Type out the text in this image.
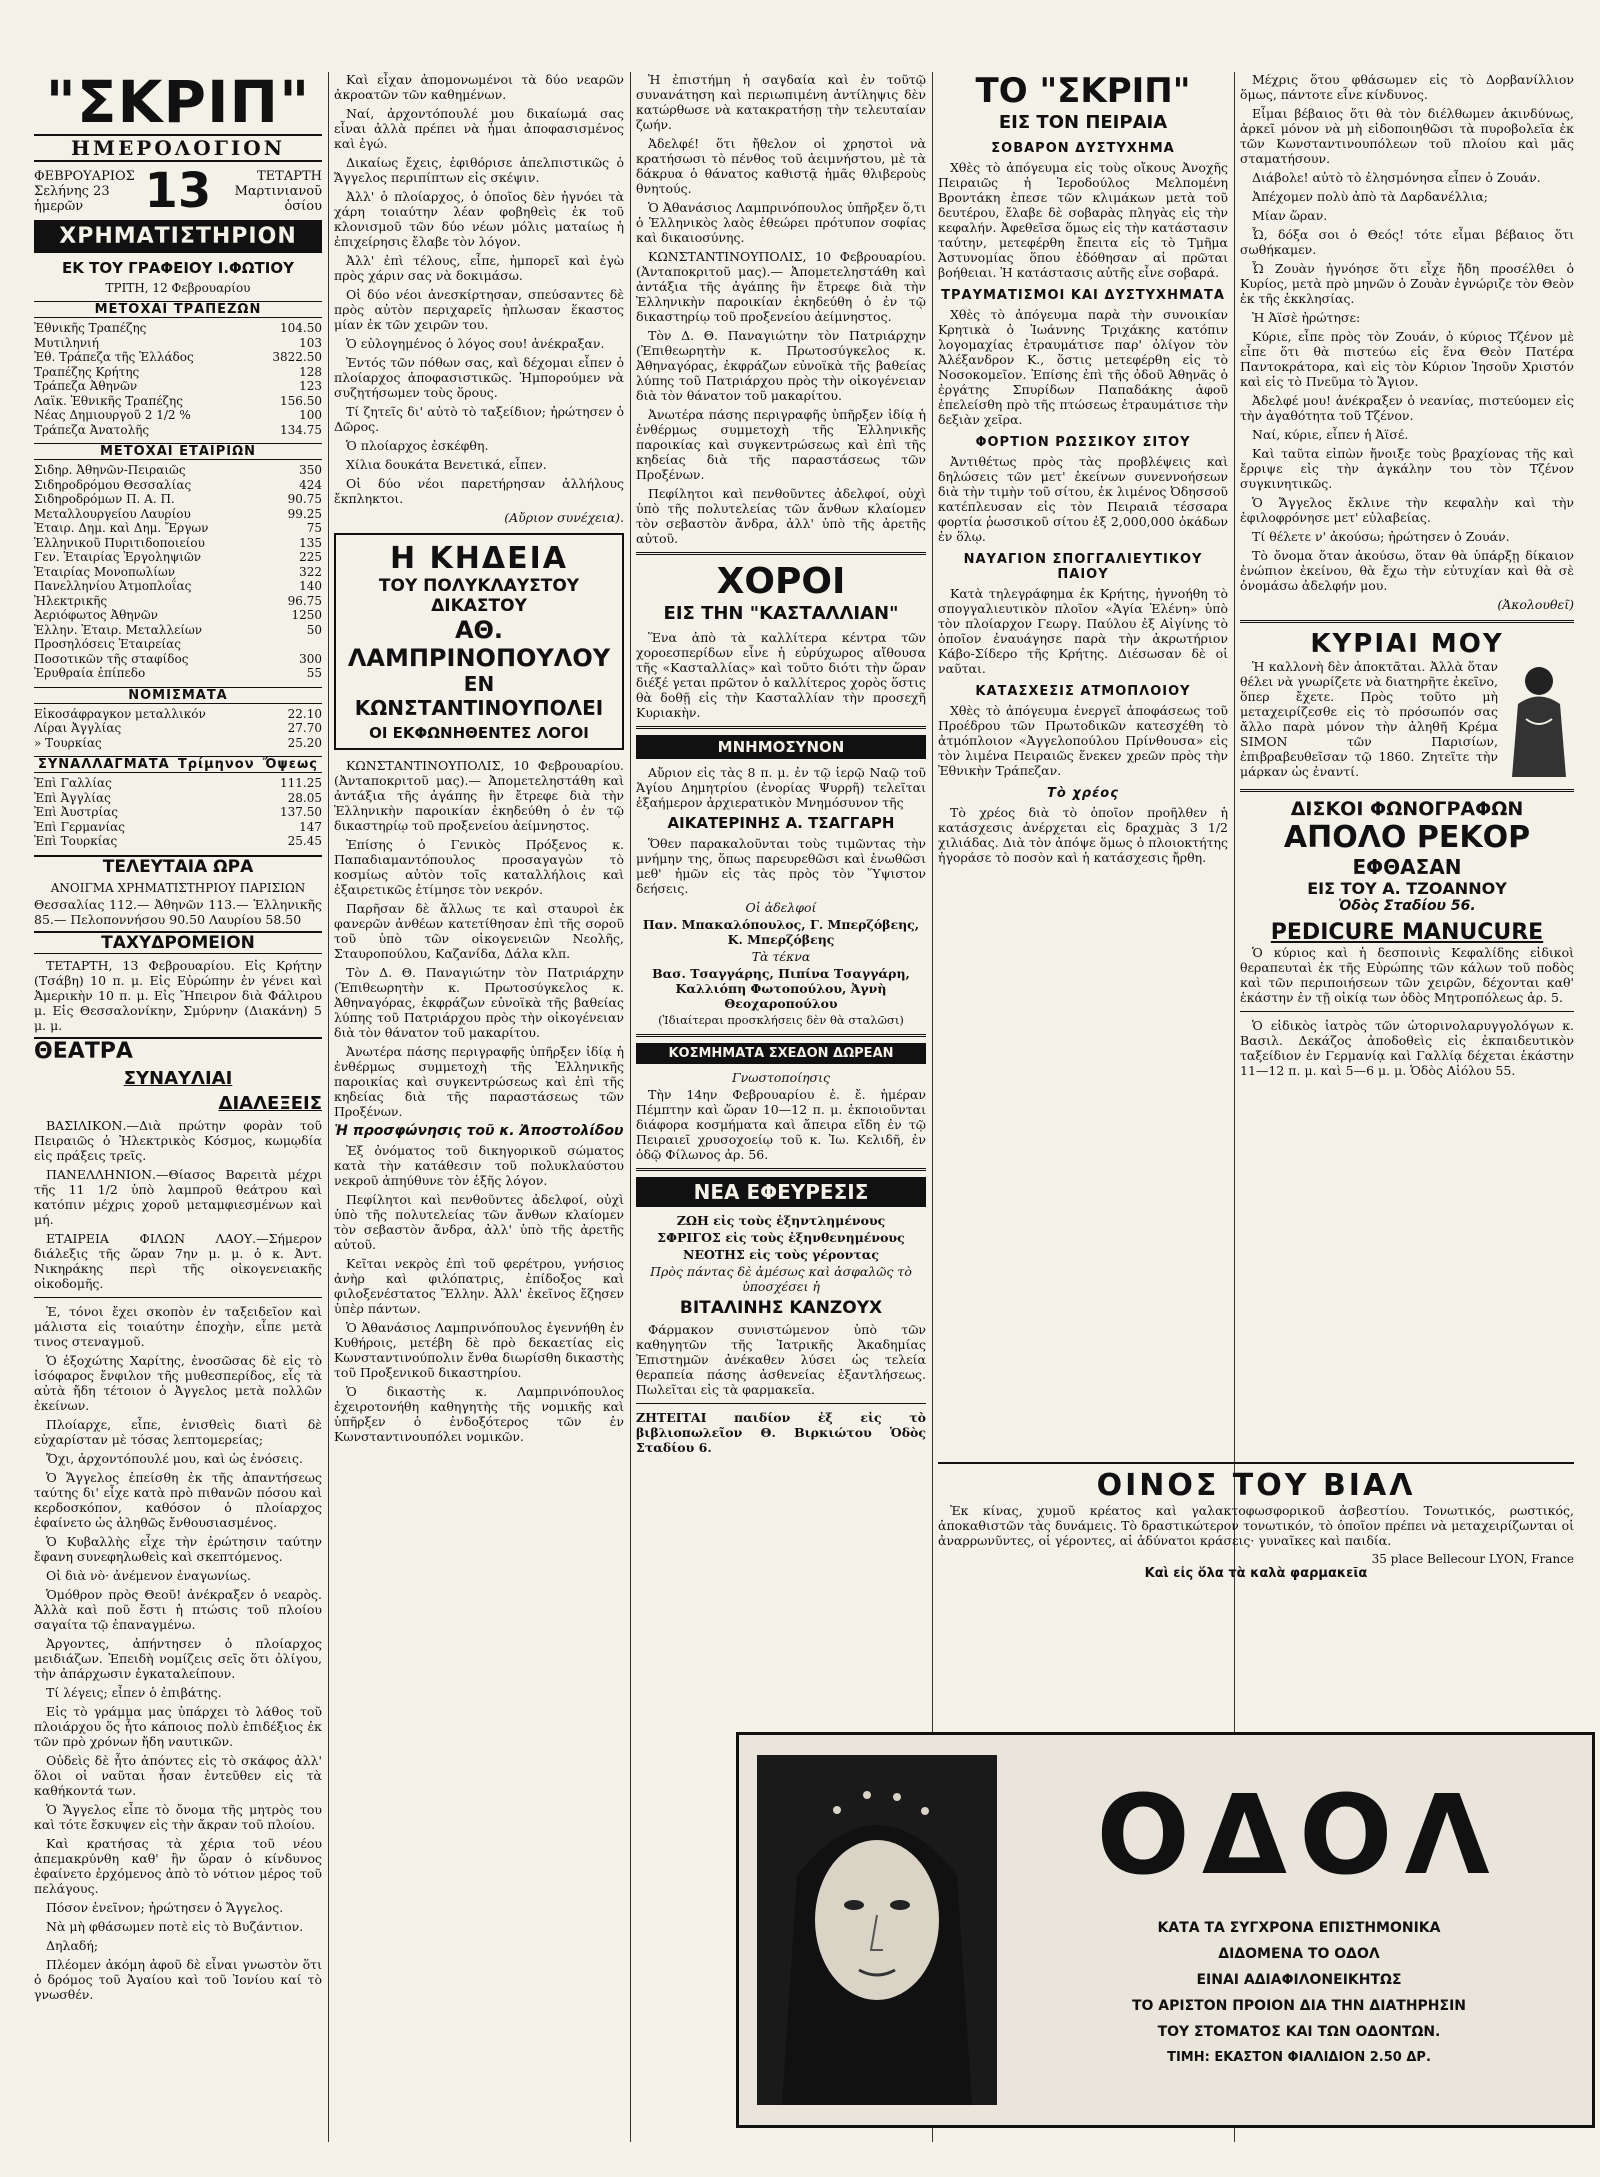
"ΣΚΡΙΠ"
ΗΜΕΡΟΛΟΓΙΟΝ
ΦΕΒΡΟΥΑΡΙΟΣ
Σελήνης 23 ἡμερῶν	13	ΤΕΤΑΡΤΗ
Μαρτινιανοῦ ὁσίου
ΧΡΗΜΑΤΙΣΤΗΡΙΟΝ
ΕΚ ΤΟΥ ΓΡΑΦΕΙΟΥ Ι.ΦΩΤΙΟΥ
ΤΡΙΤΗ, 12 Φεβρουαρίου
ΜΕΤΟΧΑΙ ΤΡΑΠΕΖΩΝ
Ἐθνικῆς Τραπέζης	104.50
Μυτιληνιή	103
Ἐθ. Τράπεζα τῆς Ἑλλάδος	3822.50
Τραπέζης Κρήτης	128
Τράπεζα Ἀθηνῶν	123
Λαϊκ. Ἐθνικῆς Τραπέζης	156.50
Νέας Δημιουργοῦ 2 1/2 %	100
Τράπεζα Ἀνατολῆς	134.75
ΜΕΤΟΧΑΙ ΕΤΑΙΡΙΩΝ
Σιδηρ. Ἀθηνῶν-Πειραιῶς	350
Σιδηροδρόμου Θεσσαλίας	424
Σιδηροδρόμων Π. Α. Π.	90.75
Μεταλλουργείου Λαυρίου	99.25
Ἐταιρ. Δημ. καὶ Δημ. Ἔργων	75
Ἑλληνικοῦ Πυριτιδοποιείου	135
Γεν. Ἑταιρίας Ἐργοληψιῶν	225
Ἑταιρίας Μονοπωλίων	322
Πανελληνίου Ἀτμοπλοΐας	140
Ἠλεκτρικῆς	96.75
Ἀεριόφωτος Ἀθηνῶν	1250
Ἑλλην. Ἑταιρ. Μεταλλείων	50
Προσηλόσεις Ἑταιρείας	
Ποσοτικῶν τῆς σταφίδος	300
Ἐρυθραία ἐπίπεδο	55
ΝΟΜΙΣΜΑΤΑ
Εἰκοσάφραγκον μεταλλικόν	22.10
Λίραι Ἀγγλίας	27.70
» Τουρκίας	25.20
ΣΥΝΑΛΛΑΓΜΑΤΑ Τρίμηνον Ὄψεως
Ἐπὶ Γαλλίας	111.25
Ἐπὶ Ἀγγλίας	28.05
Ἐπὶ Ἀυστρίας	137.50
Ἐπὶ Γερμανίας	147
Ἐπὶ Τουρκίας	25.45
ΤΕΛΕΥΤΑΙΑ ΩΡΑ
ΑΝΟΙΓΜΑ ΧΡΗΜΑΤΙΣΤΗΡΙΟΥ ΠΑΡΙΣΙΩΝ

Θεσσαλίας 112.— Ἀθηνῶν 113.— Ἑλληνικῆς 85.— Πελοποννήσου 90.50 Λαυρίου 58.50

ΤΑΧΥΔΡΟΜΕΙΟΝ

ΤΕΤΑΡΤΗ, 13 Φεβρουαρίου. Εἰς Κρήτην (Τσάβη) 10 π. μ. Εἰς Εὐρώπην ἐν γένει καὶ Ἀμερικὴν 10 π. μ. Εἰς Ἤπειρον διὰ Φάλιρου μ. Εἰς Θεσσαλονίκην, Σμύρνην (Διακάνη) 5 μ. μ.

ΘΕΑΤΡΑ
ΣΥΝΑΥΛΙΑΙ
ΔΙΑΛΕΞΕΙΣ

ΒΑΣΙΛΙΚΟΝ.—Διὰ πρώτην φορὰν τοῦ Πειραιῶς ὁ Ἠλεκτρικὸς Κόσμος, κωμῳδία εἰς πράξεις τρεῖς.

ΠΑΝΕΛΛΗΝΙΟΝ.—Θίασος Βαρειτὰ μέχρι τῆς 11 1/2 ὑπὸ λαμπροῦ θεάτρου καὶ κατόπιν μέχρις χοροῦ μεταμφιεσμένων καὶ μή.

ΕΤΑΙΡΕΙΑ ΦΙΛΩΝ ΛΑΟΥ.—Σήμερον διάλεξις τῆς ὥραν 7ην μ. μ. ὁ κ. Ἀντ. Νικηράκης περὶ τῆς οἰκογενειακῆς οἰκοδομῆς.

Ἐ, τόνοι ἔχει σκοπὸν ἐν ταξειδεῖον καὶ μάλιστα εἰς τοιαύτην ἐποχὴν, εἶπε μετὰ τινος στεναγμοῦ.

Ὁ ἐξοχώτης Χαρίτης, ἐνοσῶσας δὲ εἰς τὸ ἰσόφαρος ἔνφιλον τῆς μυθεσπερίδος, εἷς τὰ αὐτὰ ἤδη τέτοιον ὁ Ἀγγελος μετὰ πολλῶν ἐκείνων.

Πλοίαρχε, εἶπε, ἐνισθεὶς διατὶ δὲ εὐχαρίσταν μὲ τόσας λεπτομερείας;

Ὄχι, ἀρχοντόπουλέ μου, καὶ ὡς ἐνόσεις.

Ὁ Ἄγγελος ἐπείσθη ἐκ τῆς ἀπαντήσεως ταύτης δι' εἶχε κατὰ πρὸ πιθανῶν πόσου καὶ κερδοσκόπον, καθόσον ὁ πλοίαρχος ἐφαίνετο ὡς ἀληθῶς ἔνθουσιασμένος.

Ὁ Κυβαλλὴς εἶχε τὴν ἐρώτησιν ταύτην ἔφανη συνεφηλωθεὶς καὶ σκεπτόμενος.

Οἰ διὰ νὸ· ἀνέμενον ἐναγωνίως.

Ὁμόθρον πρὸς Θεοῦ! ἀνέκραξεν ὁ νεαρὸς. Ἀλλὰ καὶ ποῦ ἔστι ἡ πτώσις τοῦ πλοίου σαγαίτα τῷ ἐπαναγμένω.

Ἀργοντες, ἀπήντησεν ὁ πλοίαρχος μειδιάζων. Ἐπειδὴ νομίζεις σεῖς ὅτι ὀλίγου, τὴν ἀπάρχωσιν ἐγκαταλείπουν.

Τί λέγεις; εἶπεν ὁ ἐπιβάτης.

Εἰς τὸ γράμμα μας ὑπάρχει τὸ λάθος τοῦ πλοιάρχου ὅς ἦτο κάποιος πολὺ ἐπιδέξιος ἐκ τῶν πρὸ χρόνων ἤδη ναυτικῶν.

Οὐδεὶς δὲ ἦτο ἀπόντες εἰς τὸ σκάφος ἀλλ' ὅλοι οἱ ναῦται ἦσαν ἐντεῦθεν εἰς τὰ καθήκοντά των.

Ὁ Ἄγγελος εἶπε τὸ ὄνομα τῆς μητρὸς του καὶ τότε ἔσκυψεν εἰς τὴν ἄκραν τοῦ πλοίου.

Καὶ κρατήσας τὰ χέρια τοῦ νέου ἀπεμακρύνθη καθ' ἣν ὥραν ὁ κίνδυνος ἐφαίνετο ἐρχόμενος ἀπὸ τὸ νότιον μέρος τοῦ πελάγους.

Πόσον ἐνεῖνον; ἠρώτησεν ὁ Ἄγγελος.

Νὰ μὴ φθάσωμεν ποτὲ εἰς τὸ Βυζάντιον.

Δηλαδή;

Πλέομεν ἀκόμη ἀφοῦ δὲ εἶναι γνωστὸν ὅτι ὁ δρόμος τοῦ Ἀγαίου καὶ τοῦ Ἰονίου καί τὸ γνωσθέν.

Καὶ εἶχαν ἀπομονωμένοι τὰ δύο νεαρῶν ἀκροατῶν τῶν καθημένων.

Ναί, ἀρχοντόπουλέ μου δικαίωμά σας εἶναι ἀλλὰ πρέπει νὰ ἦμαι ἀποφασισμένος καὶ ἐγώ.

Δικαίως ἔχεις, ἐφιθόρισε ἀπελπιστικῶς ὁ Ἄγγελος περιπίπτων εἰς σκέψιν.

Ἀλλ' ὁ πλοίαρχος, ὁ ὁποῖος δὲν ἠγνόει τὰ χάρη τοιαύτην λέαν φοβηθεὶς ἐκ τοῦ κλονισμοῦ τῶν δύο νέων μόλις ματαίως ἡ ἐπιχείρησις ἔλαβε τὸν λόγον.

Ἀλλ' ἐπὶ τέλους, εἶπε, ἠμπορεῖ καὶ ἐγὼ πρὸς χάριν σας νὰ δοκιμάσω.

Οἱ δύο νέοι ἀνεσκίρτησαν, σπεύσαντες δὲ πρὸς αὐτὸν περιχαρεῖς ἠπλωσαν ἕκαστος μίαν ἐκ τῶν χειρῶν του.

Ὁ εὐλογημένος ὁ λόγος σου! ἀνέκραξαν.

Ἐντός τῶν πόθων σας, καὶ δέχομαι εἶπεν ὁ πλοίαρχος ἀποφασιστικῶς. Ἠμπορούμεν νὰ συζητήσωμεν τοὺς ὅρους.

Τί ζητεῖς δι' αὐτὸ τὸ ταξείδιον; ἠρώτησεν ὁ Δῶρος.

Ὁ πλοίαρχος ἐσκέφθη.

Χίλια δουκάτα Βενετικά, εἶπεν.

Οἱ δύο νέοι παρετήρησαν ἀλλήλους ἔκπληκτοι.

(Αὔριον συνέχεια).
Η ΚΗΔΕΙΑ
ΤΟΥ ΠΟΛΥΚΛΑΥΣΤΟΥ ΔΙΚΑΣΤΟΥ
ΑΘ. ΛΑΜΠΡΙΝΟΠΟΥΛΟΥ
ΕΝ ΚΩΝΣΤΑΝΤΙΝΟΥΠΟΛΕΙ
ΟΙ ΕΚΦΩΝΗΘΕΝΤΕΣ ΛΟΓΟΙ

ΚΩΝΣΤΑΝΤΙΝΟΥΠΟΛΙΣ, 10 Φεβρουαρίου. (Ἀνταποκριτοῦ μας).— Ἀπομετεληστάθη καὶ ἀντάξια τῆς ἀγάπης ἣν ἔτρεφε διὰ τὴν Ἑλληνικὴν παροικίαν ἐκηδεύθη ὁ ἐν τῷ δικαστηρίῳ τοῦ προξενείου ἀείμνηστος.

Ἐπίσης ὁ Γενικὸς Πρόξενος κ. Παπαδιαμαντόπουλος προσαγαγὼν τὸ κοσμίως αὐτὸν τοῖς καταλλήλοις καὶ ἐξαιρετικῶς ἐτίμησε τὸν νεκρόν.

Παρῆσαν δὲ ἄλλως τε καὶ σταυροὶ ἐκ φανερῶν ἀνθέων κατετίθησαν ἐπὶ τῆς σοροῦ τοῦ ὑπὸ τῶν οἰκογενειῶν Νεολῆς, Σταυροπούλου, Καζανίδα, Δάλα κλπ.

Τὸν Δ. Θ. Παναγιώτην τὸν Πατριάρχην (Ἐπιθεωρητὴν κ. Πρωτοσύγκελος κ. Ἀθηναγόρας, ἐκφράζων εὐνοϊκὰ τῆς βαθείας λύπης τοῦ Πατριάρχου πρὸς τὴν οἰκογένειαν διὰ τὸν θάνατον τοῦ μακαρίτου.

Ἀνωτέρα πάσης περιγραφῆς ὑπῆρξεν ἰδίᾳ ἡ ἐνθέρμως συμμετοχὴ τῆς Ἑλληνικῆς παροικίας καὶ συγκεντρώσεως καὶ ἐπὶ τῆς κηδείας διὰ τῆς παραστάσεως τῶν Προξένων.

Ἡ προσφώνησις τοῦ κ. Ἀποστολίδου

Ἐξ ὀνόματος τοῦ δικηγορικοῦ σώματος κατὰ τὴν κατάθεσιν τοῦ πολυκλαύστου νεκροῦ ἀπηύθυνε τὸν ἑξῆς λόγον.

Πεφίλητοι καὶ πενθοῦντες ἀδελφοί, οὐχὶ ὑπὸ τῆς πολυτελείας τῶν ἄνθων κλαίομεν τὸν σεβαστὸν ἄνδρα, ἀλλ' ὑπὸ τῆς ἀρετῆς αὐτοῦ.

Κεῖται νεκρὸς ἐπὶ τοῦ φερέτρου, γνήσιος ἀνὴρ καὶ φιλόπατρις, ἐπίδοξος καὶ φιλοξενέστατος Ἕλλην. Ἀλλ' ἐκεῖνος ἔζησεν ὑπὲρ πάντων.

Ὁ Ἀθανάσιος Λαμπρινόπουλος ἐγεννήθη ἐν Κυθήροις, μετέβη δὲ πρὸ δεκαετίας εἰς Κωνσταντινούπολιν ἔνθα διωρίσθη δικαστὴς τοῦ Προξενικοῦ δικαστηρίου.

Ὁ δικαστὴς κ. Λαμπρινόπουλος ἐχειροτονήθη καθηγητὴς τῆς νομικῆς καὶ ὑπῆρξεν ὁ ἐνδοξότερος τῶν ἐν Κωνσταντινουπόλει νομικῶν.

Ἡ ἐπιστήμη ἡ σαγδαία καὶ ἐν τοῦτῷ συνανάτηση καὶ περιωπιμένη ἀντίληψις δὲν κατώρθωσε νὰ κατακρατήσῃ τὴν τελευταίαν ζωήν.

Ἀδελφέ! ὅτι ἤθελον οἱ χρηστοὶ νὰ κρατήσωσι τὸ πένθος τοῦ ἀειμνήστου, μὲ τὰ δάκρυα ὁ θάνατος καθιστᾷ ἡμᾶς θλιβεροὺς θνητούς.

Ὁ Ἀθανάσιος Λαμπρινόπουλος ὑπῆρξεν ὅ,τι ὁ Ἑλληνικὸς λαὸς ἐθεώρει πρότυπον σοφίας καὶ δικαιοσύνης.

ΚΩΝΣΤΑΝΤΙΝΟΥΠΟΛΙΣ, 10 Φεβρουαρίου. (Ἀνταποκριτοῦ μας).— Ἀπομετεληστάθη καὶ ἀντάξια τῆς ἀγάπης ἣν ἔτρεφε διὰ τὴν Ἑλληνικὴν παροικίαν ἐκηδεύθη ὁ ἐν τῷ δικαστηρίῳ τοῦ προξενείου ἀείμνηστος.

Τὸν Δ. Θ. Παναγιώτην τὸν Πατριάρχην (Ἐπιθεωρητὴν κ. Πρωτοσύγκελος κ. Ἀθηναγόρας, ἐκφράζων εὐνοϊκὰ τῆς βαθείας λύπης τοῦ Πατριάρχου πρὸς τὴν οἰκογένειαν διὰ τὸν θάνατον τοῦ μακαρίτου.

Ἀνωτέρα πάσης περιγραφῆς ὑπῆρξεν ἰδίᾳ ἡ ἐνθέρμως συμμετοχὴ τῆς Ἑλληνικῆς παροικίας καὶ συγκεντρώσεως καὶ ἐπὶ τῆς κηδείας διὰ τῆς παραστάσεως τῶν Προξένων.

Πεφίλητοι καὶ πενθοῦντες ἀδελφοί, οὐχὶ ὑπὸ τῆς πολυτελείας τῶν ἄνθων κλαίομεν τὸν σεβαστὸν ἄνδρα, ἀλλ' ὑπὸ τῆς ἀρετῆς αὐτοῦ.

ΧΟΡΟΙ
ΕΙΣ ΤΗΝ "ΚΑΣΤΑΛΛΙΑΝ"

Ἕνα ἀπὸ τὰ καλλίτερα κέντρα τῶν χοροεσπερίδων εἶνε ἡ εὐρύχωρος αἴθουσα τῆς «Κασταλλίας» καὶ τοῦτο διότι τὴν ὥραν διέξέ γεται πρῶτον ὁ καλλίτερος χορὸς ὅστις θὰ δοθῇ εἰς τὴν Κασταλλίαν τὴν προσεχῆ Κυριακὴν.

ΜΝΗΜΟΣΥΝΟΝ

Αὔριον εἰς τὰς 8 π. μ. ἐν τῷ ἱερῷ Ναῷ τοῦ Ἁγίου Δημητρίου (ἐνορίας Ψυρρῆ) τελεῖται ἐξαήμερον ἀρχιερατικὸν Μνημόσυνον τῆς

ΑΙΚΑΤΕΡΙΝΗΣ Α. ΤΣΑΓΓΑΡΗ

Ὅθεν παρακαλοῦνται τοὺς τιμῶντας τὴν μνήμην της, ὅπως παρευρεθῶσι καὶ ἑνωθῶσι μεθ' ἡμῶν εἰς τὰς πρὸς τὸν Ὕψιστον δεήσεις.

Οἱ ἀδελφοί
Παν. Μπακαλόπουλος, Γ. Μπερζόβεης, Κ. Μπερζόβεης
Τὰ τέκνα
Βασ. Τσαγγάρης, Πιπίνα Τσαγγάρη, Καλλιόπη Φωτοπούλου, Ἀγνὴ Θεοχαροπούλου
(Ἰδιαίτεραι προσκλήσεις δὲν θὰ σταλῶσι)
ΚΟΣΜΗΜΑΤΑ ΣΧΕΔΟΝ ΔΩΡΕΑΝ
Γνωστοποίησις

Τὴν 14ην Φεβρουαρίου ἐ. ἔ. ἡμέραν Πέμπτην καὶ ὥραν 10—12 π. μ. ἐκποιοῦνται διάφορα κοσμήματα καὶ ἄπειρα εἴδη ἐν τῷ Πειραιεῖ χρυσοχοείῳ τοῦ κ. Ἰω. Κελιδῆ, ἐν ὁδῷ Φίλωνος ἀρ. 56.

ΝΕΑ ΕΦΕΥΡΕΣΙΣ
ΖΩΗ εἰς τοὺς ἐξηντλημένους
ΣΦΡΙΓΟΣ εἰς τοὺς ἐξηνθενημένους
ΝΕΟΤΗΣ εἰς τοὺς γέροντας
Πρὸς πάντας δὲ ἀμέσως καὶ ἀσφαλῶς τὸ ὑποσχέσει ἡ
ΒΙΤΑΛΙΝΗΣ ΚΑΝΖΟΥΧ

Φάρμακον συνιστώμενον ὑπὸ τῶν καθηγητῶν τῆς Ἰατρικῆς Ἀκαδημίας Ἐπιστημῶν ἀνέκαθεν λύσει ὡς τελεία θεραπεία πάσης ἀσθενείας ἐξαντλήσεως. Πωλεῖται εἰς τὰ φαρμακεῖα.

ΖΗΤΕΙΤΑΙ παιδίον ἐξ εἰς τὸ βιβλιοπωλεῖον Θ. Βιρκιώτου Ὁδὸς Σταδίου 6.

ΤΟ "ΣΚΡΙΠ"
ΕΙΣ ΤΟΝ ΠΕΙΡΑΙΑ
ΣΟΒΑΡΟΝ ΔΥΣΤΥΧΗΜΑ

Χθὲς τὸ ἀπόγευμα εἰς τοὺς οἴκους Ἀνοχῆς Πειραιῶς ἡ Ἱεροδούλος Μελπομένη Βροντάκη ἐπεσε τῶν κλιμάκων μετὰ τοῦ δευτέρου, ἔλαβε δὲ σοβαρὰς πληγὰς εἰς τὴν κεφαλήν. Ἀφεθεῖσα ὅμως εἰς τὴν κατάστασιν ταύτην, μετεφέρθη ἔπειτα εἰς τὸ Τμῆμα Ἀστυνομίας ὅπου ἐδόθησαν αἱ πρῶται βοήθειαι. Ἡ κατάστασις αὐτῆς εἶνε σοβαρά.

ΤΡΑΥΜΑΤΙΣΜΟΙ ΚΑΙ ΔΥΣΤΥΧΗΜΑΤΑ

Χθὲς τὸ ἀπόγευμα παρὰ τὴν συνοικίαν Κρητικὰ ὁ Ἰωάννης Τριχάκης κατόπιν λογομαχίας ἐτραυμάτισε παρ' ὀλίγον τὸν Ἀλέξανδρον Κ., ὅστις μετεφέρθη εἰς τὸ Νοσοκομεῖον. Ἐπίσης ἐπὶ τῆς ὁδοῦ Ἀθηνᾶς ὁ ἐργάτης Σπυρίδων Παπαδάκης ἀφοῦ ἐπελείσθη πρὸ τῆς πτώσεως ἐτραυμάτισε τὴν δεξιὰν χεῖρα.

ΦΟΡΤΙΟΝ ΡΩΣΣΙΚΟΥ ΣΙΤΟΥ

Ἀντιθέτως πρὸς τὰς προβλέψεις καὶ δηλώσεις τῶν μετ' ἐκείνων συνεννοήσεων διὰ τὴν τιμὴν τοῦ σίτου, ἐκ λιμένος Ὀδησσοῦ κατέπλευσαν εἰς τὸν Πειραιᾶ τέσσαρα φορτία ῥωσσικοῦ σίτου ἐξ 2,000,000 ὀκάδων ἐν ὅλῳ.

ΝΑΥΑΓΙΟΝ ΣΠΟΓΓΑΛΙΕΥΤΙΚΟΥ ΠΑΙΟΥ

Κατὰ τηλεγράφημα ἐκ Κρήτης, ἠγνοήθη τὸ σπογγαλιευτικὸν πλοῖον «Ἁγία Ἑλένη» ὑπὸ τὸν πλοίαρχον Γεωργ. Παύλου ἐξ Αἰγίνης τὸ ὁποῖον ἐναυάγησε παρὰ τὴν ἀκρωτήριον Κάβο-Σίδερο τῆς Κρήτης. Διέσωσαν δὲ οἱ ναῦται.

ΚΑΤΑΣΧΕΣΙΣ ΑΤΜΟΠΛΟΙΟΥ

Χθὲς τὸ ἀπόγευμα ἐνεργεῖ ἀποφάσεως τοῦ Προέδρου τῶν Πρωτοδικῶν κατεσχέθη τὸ ἀτμόπλοιον «Ἀγγελοπούλου Πρίνθουσα» εἰς τὸν λιμένα Πειραιῶς ἕνεκεν χρεῶν πρὸς τὴν Ἐθνικὴν Τράπεζαν.

Τὸ χρέος

Τὸ χρέος διὰ τὸ ὁποῖον προῆλθεν ἡ κατάσχεσις ἀνέρχεται εἰς δραχμὰς 3 1/2 χιλιάδας. Διὰ τὸν ἀπόψε ὅμως ὁ πλοιοκτήτης ἠγοράσε τὸ ποσὸν καὶ ἡ κατάσχεσις ἤρθη.

Μέχρις ὅτου φθάσωμεν εἰς τὸ Δορβανίλλιον ὅμως, πάντοτε εἶνε κίνδυνος.

Εἶμαι βέβαιος ὅτι θὰ τὸν διέλθωμεν ἀκινδύνως, ἀρκεῖ μόνον νὰ μὴ εἰδοποιηθῶσι τὰ πυροβολεῖα ἐκ τῶν Κωνσταντινουπόλεων τοῦ πλοίου καὶ μᾶς σταματήσουν.

Διάβολε! αὐτὸ τὸ ἐλησμόνησα εἶπεν ὁ Ζουάν.

Ἀπέχομεν πολὺ ἀπὸ τὰ Δαρδανέλλια;

Μίαν ὥραν.

Ὦ, δόξα σοι ὁ Θεός! τότε εἶμαι βέβαιος ὅτι σωθήκαμεν.

Ὦ Ζουὰν ἠγνόησε ὅτι εἶχε ἤδη προσέλθει ὁ Κυρίος, μετὰ πρὸ μηνῶν ὁ Ζουὰν ἐγνώριζε τὸν Θεὸν ἐκ τῆς ἐκκλησίας.

Ἡ Ἀϊσὲ ἠρώτησε:

Κύριε, εἶπε πρὸς τὸν Ζουάν, ὁ κύριος Τζένον μὲ εἶπε ὅτι θὰ πιστεύω εἰς ἕνα Θεὸν Πατέρα Παντοκράτορα, καὶ εἰς τὸν Κύριον Ἰησοῦν Χριστόν καὶ εἰς τὸ Πνεῦμα τὸ Ἅγιον.

Ἀδελφέ μου! ἀνέκραξεν ὁ νεανίας, πιστεύομεν εἰς τὴν ἀγαθότητα τοῦ Τζένον.

Ναί, κύριε, εἶπεν ἡ Ἀϊσέ.

Καὶ ταῦτα εἰπὼν ἤνοιξε τοὺς βραχίονας τῆς καὶ ἔρριψε εἰς τὴν ἀγκάλην του τὸν Τζένον συγκινητικῶς.

Ὁ Ἄγγελος ἔκλινε τὴν κεφαλὴν καὶ τὴν ἐφιλοφρόνησε μετ' εὐλαβείας.

Τί θέλετε ν' ἀκούσω; ἠρώτησεν ὁ Ζουάν.

Τὸ ὄνομα ὅταν ἀκούσω, ὅταν θὰ ὑπάρξῃ δίκαιον ἐνώπιον ἐκείνου, θὰ ἔχω τὴν εὐτυχίαν καὶ θὰ σὲ ὀνομάσω ἀδελφήν μου.

(Ἀκολουθεῖ)
ΚΥΡΙΑΙ ΜΟΥ

Ἡ καλλονὴ δὲν ἀποκτᾶται. Ἀλλὰ ὅταν θέλει νὰ γνωρίζετε νὰ διατηρῆτε ἐκεῖνο, ὅπερ ἔχετε. Πρὸς τοῦτο μὴ μεταχειρίζεσθε εἰς τὸ πρόσωπόν σας ἄλλο παρὰ μόνον τὴν ἀληθῆ Κρέμα SIMON τῶν Παρισίων, ἐπιβραβευθεῖσαν τῷ 1860. Ζητεῖτε τὴν μάρκαν ὡς ἐναντί.

ΔΙΣΚΟΙ ΦΩΝΟΓΡΑΦΩΝ
ΑΠΟΛΟ ΡΕΚΟΡ
ΕΦΘΑΣΑΝ
ΕΙΣ ΤΟΥ Α. ΤΖΟΑΝΝΟΥ
Ὁδὸς Σταδίου 56.
PEDICURE MANUCURE

Ὁ κύριος καὶ ἡ δεσποινὶς Κεφαλίδης εἰδικοὶ θεραπευταὶ ἐκ τῆς Εὐρώπης τῶν κάλων τοῦ ποδὸς καὶ τῶν περιποιήσεων τῶν χειρῶν, δέχονται καθ' ἑκάστην ἐν τῇ οἰκίᾳ των ὁδὸς Μητροπόλεως ἀρ. 5.

Ὁ εἰδικὸς ἰατρὸς τῶν ὠτορινολαρυγγολόγων κ. Βασιλ. Δεκάζος ἀποδοθεὶς εἰς ἐκπαιδευτικὸν ταξείδιον ἐν Γερμανίᾳ καὶ Γαλλίᾳ δέχεται ἑκάστην 11—12 π. μ. καὶ 5—6 μ. μ. Ὁδὸς Αἰόλου 55.

ΟΙΝΟΣ ΤΟΥ ΒΙΑΛ

Ἐκ κίνας, χυμοῦ κρέατος καὶ γαλακτοφωσφορικοῦ ἀσβεστίου. Τονωτικός, ρωστικός, ἀποκαθιστῶν τὰς δυνάμεις. Τὸ δραστικώτερον τονωτικόν, τὸ ὁποῖον πρέπει νὰ μεταχειρίζωνται οἱ ἀναρρωνῦντες, οἱ γέροντες, αἱ ἀδύνατοι κράσεις· γυναῖκες καὶ παιδία.

35 place Bellecour LYON, France
Καὶ εἰς ὅλα τὰ καλὰ φαρμακεῖα
ΟΔΟΛ
ΚΑΤΑ ΤΑ ΣΥΓΧΡΟΝΑ ΕΠΙΣΤΗΜΟΝΙΚΑ
ΔΙΔΟΜΕΝΑ ΤΟ ΟΔΟΛ
ΕΙΝΑΙ ΑΔΙΑΦΙΛΟΝΕΙΚΗΤΩΣ
ΤΟ ΑΡΙΣΤΟΝ ΠΡΟΙΟΝ ΔΙΑ ΤΗΝ ΔΙΑΤΗΡΗΣΙΝ
ΤΟΥ ΣΤΟΜΑΤΟΣ ΚΑΙ ΤΩΝ ΟΔΟΝΤΩΝ.
ΤΙΜΗ: ΕΚΑΣΤΟΝ ΦΙΑΛΙΔΙΟΝ 2.50 ΔΡ.
